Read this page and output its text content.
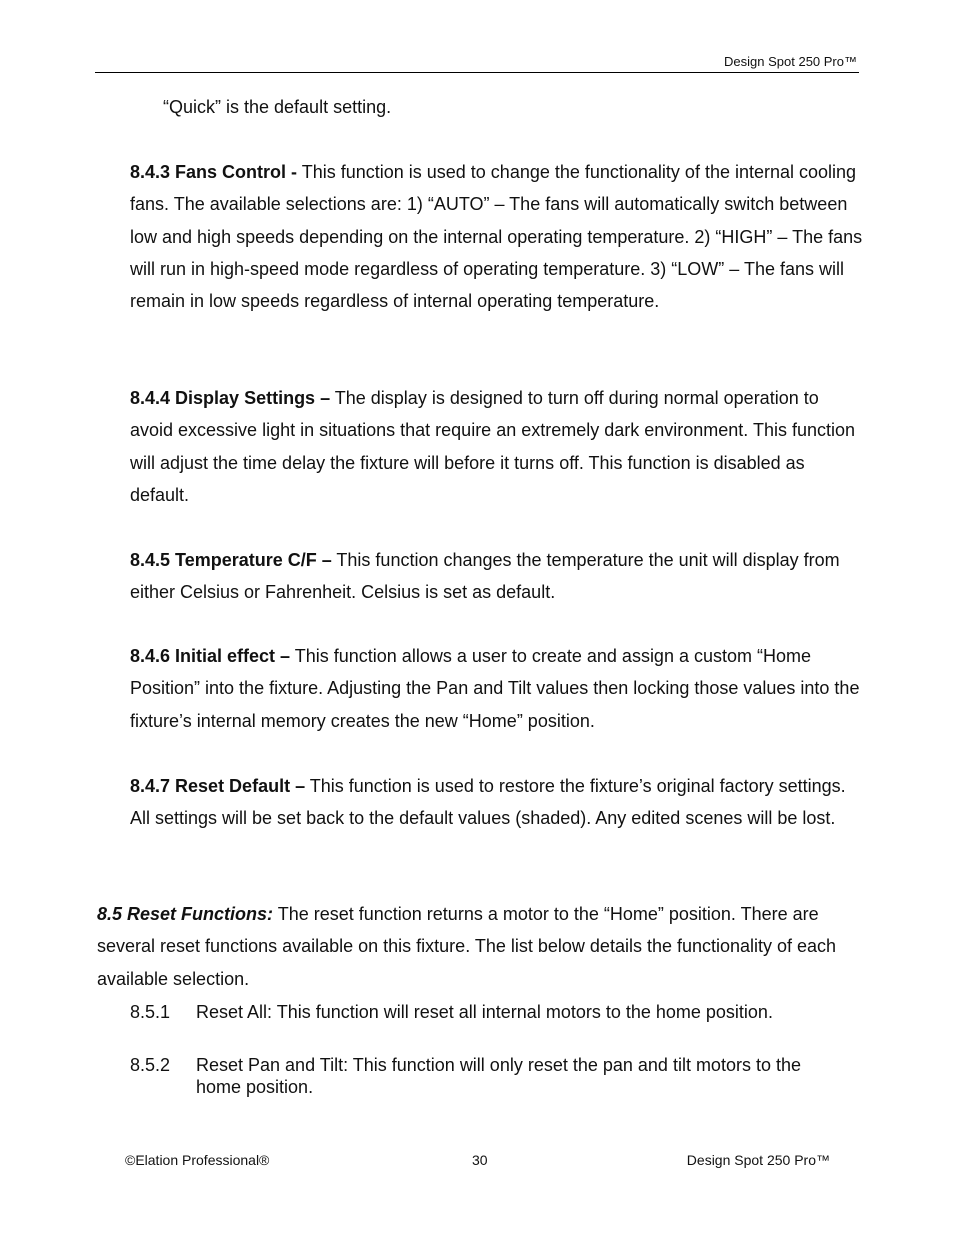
Design Spot 250 Pro™
“Quick” is the default setting.
8.4.3 Fans Control - This function is used to change the functionality of the internal cooling fans. The available selections are: 1) “AUTO” – The fans will automatically switch between low and high speeds depending on the internal operating temperature. 2) “HIGH” – The fans will run in high-speed mode regardless of operating temperature. 3) “LOW” – The fans will remain in low speeds regardless of internal operating temperature.
8.4.4 Display Settings – The display is designed to turn off during normal operation to avoid excessive light in situations that require an extremely dark environment. This function will adjust the time delay the fixture will before it turns off. This function is disabled as default.
8.4.5 Temperature C/F – This function changes the temperature the unit will display from either Celsius or Fahrenheit. Celsius is set as default.
8.4.6 Initial effect – This function allows a user to create and assign a custom “Home Position” into the fixture. Adjusting the Pan and Tilt values then locking those values into the fixture’s internal memory creates the new “Home” position.
8.4.7 Reset Default – This function is used to restore the fixture’s original factory settings. All settings will be set back to the default values (shaded). Any edited scenes will be lost.
8.5 Reset Functions: The reset function returns a motor to the “Home” position. There are several reset functions available on this fixture. The list below details the functionality of each available selection.
8.5.1 Reset All: This function will reset all internal motors to the home position.
8.5.2 Reset Pan and Tilt: This function will only reset the pan and tilt motors to the home position.
©Elation Professional®	30	Design Spot 250 Pro™
